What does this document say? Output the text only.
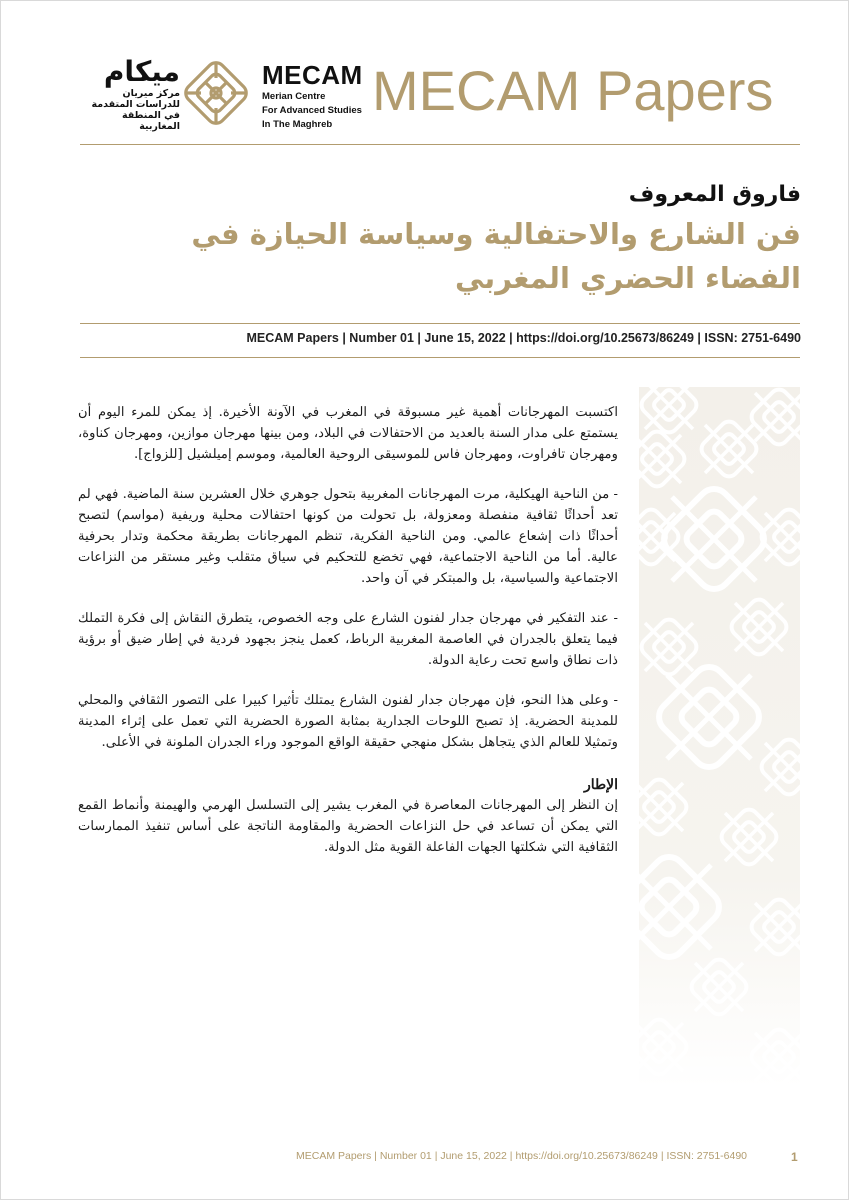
ميكام
مركز ميريان
للدراسات المتقدمة
في المنطقة المغاربية
MECAM
Merian Centre
For Advanced Studies
In The Maghreb
MECAM Papers
فاروق المعروف
فن الشارع والاحتفالية وسياسة الحيازة في الفضاء الحضري المغربي
MECAM Papers | Number 01 | June 15, 2022 | https://doi.org/10.25673/86249 | ISSN: 2751-6490

اكتسبت المهرجانات أهمية غير مسبوقة في المغرب في الآونة الأخيرة. إذ يمكن للمرء اليوم أن يستمتع على مدار السنة بالعديد من الاحتفالات في البلاد، ومن بينها مهرجان موازين، ومهرجان كناوة، ومهرجان تافراوت، ومهرجان فاس للموسيقى الروحية العالمية، وموسم إميلشيل [للزواج].

- من الناحية الهيكلية، مرت المهرجانات المغربية بتحول جوهري خلال العشرين سنة الماضية. فهي لم تعد أحداثًا ثقافية منفصلة ومعزولة، بل تحولت من كونها احتفالات محلية وريفية (مواسم) لتصبح أحداثًا ذات إشعاع عالمي. ومن الناحية الفكرية، تنظم المهرجانات بطريقة محكمة وتدار بحرفية عالية. أما من الناحية الاجتماعية، فهي تخضع للتحكيم في سياق متقلب وغير مستقر من النزاعات الاجتماعية والسياسية، بل والمبتكر في آن واحد.

- عند التفكير في مهرجان جدار لفنون الشارع على وجه الخصوص، يتطرق النقاش إلى فكرة التملك فيما يتعلق بالجدران في العاصمة المغربية الرباط، كعمل ينجز بجهود فردية في إطار ضيق أو برؤية ذات نطاق واسع تحت رعاية الدولة.

- وعلى هذا النحو، فإن مهرجان جدار لفنون الشارع يمتلك تأثيرا كبيرا على التصور الثقافي والمحلي للمدينة الحضرية. إذ تصبح اللوحات الجدارية بمثابة الصورة الحضرية التي تعمل على إثراء المدينة وتمثيلا للعالم الذي يتجاهل بشكل منهجي حقيقة الواقع الموجود وراء الجدران الملونة في الأعلى.

الإطار

إن النظر إلى المهرجانات المعاصرة في المغرب يشير إلى التسلسل الهرمي والهيمنة وأنماط القمع التي يمكن أن تساعد في حل النزاعات الحضرية والمقاومة الناتجة على أساس تنفيذ الممارسات الثقافية التي شكلتها الجهات الفاعلة القوية مثل الدولة.

MECAM Papers | Number 01 | June 15, 2022 | https://doi.org/10.25673/86249 | ISSN: 2751-6490	1
